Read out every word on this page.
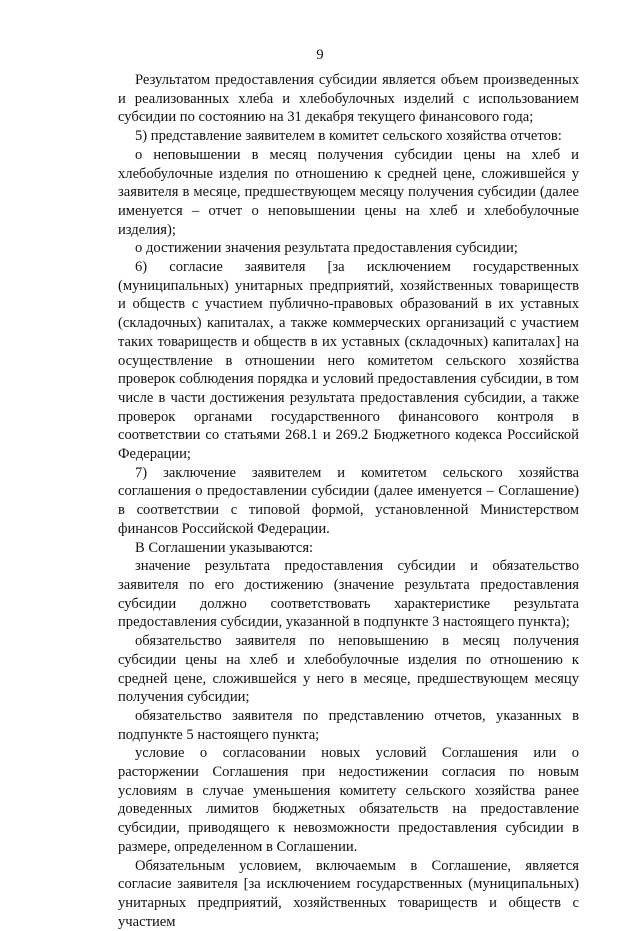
9

Результатом предоставления субсидии является объем произведенных и реализованных хлеба и хлебобулочных изделий с использованием субсидии по состоянию на 31 декабря текущего финансового года;

5) представление заявителем в комитет сельского хозяйства отчетов:

о неповышении в месяц получения субсидии цены на хлеб и хлебобулочные изделия по отношению к средней цене, сложившейся у заявителя в месяце, предшествующем месяцу получения субсидии (далее именуется – отчет о неповышении цены на хлеб и хлебобулочные изделия);

о достижении значения результата предоставления субсидии;

6) согласие заявителя [за исключением государственных (муниципальных) унитарных предприятий, хозяйственных товариществ и обществ с участием публично-правовых образований в их уставных (складочных) капиталах, а также коммерческих организаций с участием таких товариществ и обществ в их уставных (складочных) капиталах] на осуществление в отношении него комитетом сельского хозяйства проверок соблюдения порядка и условий предоставления субсидии, в том числе в части достижения результата предоставления субсидии, а также проверок органами государственного финансового контроля в соответствии со статьями 268.1 и 269.2 Бюджетного кодекса Российской Федерации;

7) заключение заявителем и комитетом сельского хозяйства соглашения о предоставлении субсидии (далее именуется – Соглашение) в соответствии с типовой формой, установленной Министерством финансов Российской Федерации.

В Соглашении указываются:

значение результата предоставления субсидии и обязательство заявителя по его достижению (значение результата предоставления субсидии должно соответствовать характеристике результата предоставления субсидии, указанной в подпункте 3 настоящего пункта);

обязательство заявителя по неповышению в месяц получения субсидии цены на хлеб и хлебобулочные изделия по отношению к средней цене, сложившейся у него в месяце, предшествующем месяцу получения субсидии;

обязательство заявителя по представлению отчетов, указанных в подпункте 5 настоящего пункта;

условие о согласовании новых условий Соглашения или о расторжении Соглашения при недостижении согласия по новым условиям в случае уменьшения комитету сельского хозяйства ранее доведенных лимитов бюджетных обязательств на предоставление субсидии, приводящего к невозможности предоставления субсидии в размере, определенном в Соглашении.

Обязательным условием, включаемым в Соглашение, является согласие заявителя [за исключением государственных (муниципальных) унитарных предприятий, хозяйственных товариществ и обществ с участием
